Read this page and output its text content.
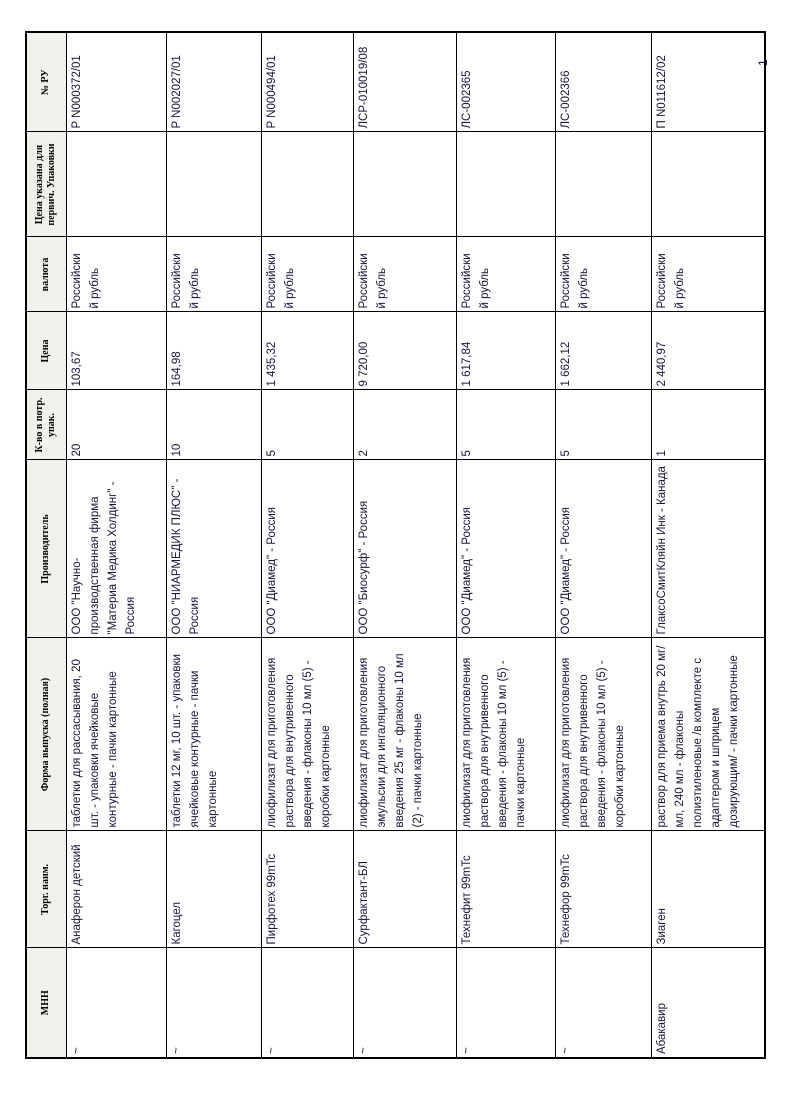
МНН	Торг. наим.	Форма выпуска (полная)	Производитель	К-во в потр. упак.	Цена	валюта	Цена указана для первич. Упаковки	№ РУ
~	Анаферон детский	таблетки для рассасывания, 20 шт. - упаковки ячейковые контурные - пачки картонные	ООО "Научно-производственная фирма "Материа Медика Холдинг" - Россия	20	103,67	Российский рубль		P N000372/01
~	Кагоцел	таблетки 12 мг, 10 шт. - упаковки ячейковые контурные - пачки картонные	ООО "НИАРМЕДИК ПЛЮС" - Россия	10	164,98	Российский рубль		P N002027/01
~	Пирфотех 99mTc	лиофилизат для приготовления раствора для внутривенного введения - флаконы 10 мл (5) - коробки картонные	ООО "Диамед" - Россия	5	1 435,32	Российский рубль		P N000494/01
~	Сурфактант-БЛ	лиофилизат для приготовления эмульсии для ингаляционного введения 25 мг - флаконы 10 мл (2) - пачки картонные	ООО "Биосурф" - Россия	2	9 720,00	Российский рубль		ЛСР-010019/08
~	Технефит 99mTc	лиофилизат для приготовления раствора для внутривенного введения - флаконы 10 мл (5) - пачки картонные	ООО "Диамед" - Россия	5	1 617,84	Российский рубль		ЛС-002365
~	Технефор 99mTc	лиофилизат для приготовления раствора для внутривенного введения - флаконы 10 мл (5) - коробки картонные	ООО "Диамед" - Россия	5	1 662,12	Российский рубль		ЛС-002366
Абакавир	Зиаген	раствор для приема внутрь 20 мг/мл, 240 мл - флаконы полиэтиленовые /в комплекте с адаптером и шприцем дозирующим/ - пачки картонные	ГлаксоСмитКляйн Инк - Канада	1	2 440,97	Российский рубль		П N011612/02	1
